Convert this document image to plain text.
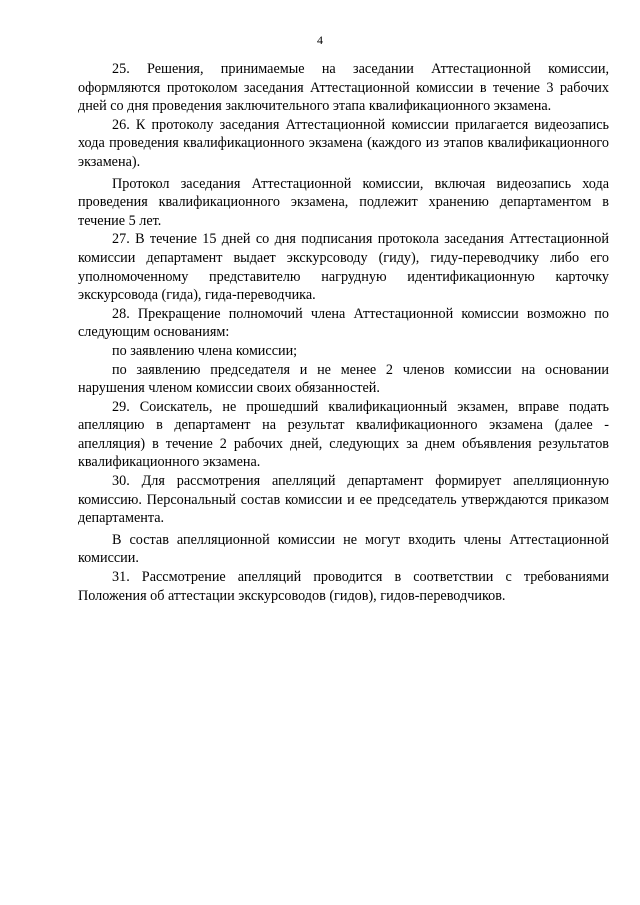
4

25. Решения, принимаемые на заседании Аттестационной комиссии, оформляются протоколом заседания Аттестационной комиссии в течение 3 рабочих дней со дня проведения заключительного этапа квалификационного экзамена.

26. К протоколу заседания Аттестационной комиссии прилагается видеозапись хода проведения квалификационного экзамена (каждого из этапов квалификационного экзамена).

Протокол заседания Аттестационной комиссии, включая видеозапись хода проведения квалификационного экзамена, подлежит хранению департаментом в течение 5 лет.

27. В течение 15 дней со дня подписания протокола заседания Аттестационной комиссии департамент выдает экскурсоводу (гиду), гиду-переводчику либо его уполномоченному представителю нагрудную идентификационную карточку экскурсовода (гида), гида-переводчика.

28. Прекращение полномочий члена Аттестационной комиссии возможно по следующим основаниям:

по заявлению члена комиссии;

по заявлению председателя и не менее 2 членов комиссии на основании нарушения членом комиссии своих обязанностей.

29. Соискатель, не прошедший квалификационный экзамен, вправе подать апелляцию в департамент на результат квалификационного экзамена (далее - апелляция) в течение 2 рабочих дней, следующих за днем объявления результатов квалификационного экзамена.

30. Для рассмотрения апелляций департамент формирует апелляционную комиссию. Персональный состав комиссии и ее председатель утверждаются приказом департамента.

В состав апелляционной комиссии не могут входить члены Аттестационной комиссии.

31. Рассмотрение апелляций проводится в соответствии с требованиями Положения об аттестации экскурсоводов (гидов), гидов-переводчиков.
